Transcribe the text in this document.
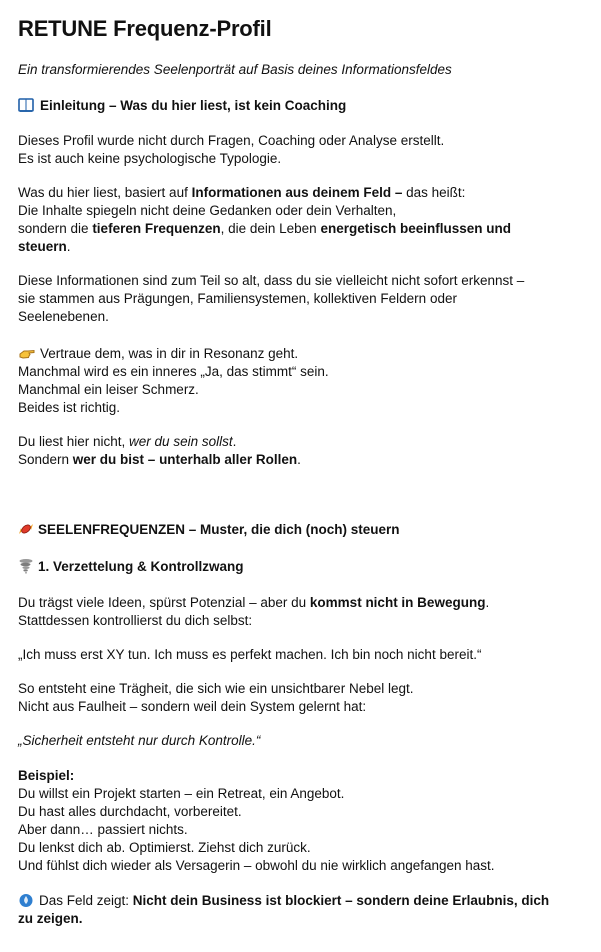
RETUNE Frequenz-Profil
Ein transformierendes Seelenporträt auf Basis deines Informationsfeldes
Einleitung – Was du hier liest, ist kein Coaching
Dieses Profil wurde nicht durch Fragen, Coaching oder Analyse erstellt.
Es ist auch keine psychologische Typologie.
Was du hier liest, basiert auf Informationen aus deinem Feld – das heißt:
Die Inhalte spiegeln nicht deine Gedanken oder dein Verhalten,
sondern die tieferen Frequenzen, die dein Leben energetisch beeinflussen und
steuern.
Diese Informationen sind zum Teil so alt, dass du sie vielleicht nicht sofort erkennst –
sie stammen aus Prägungen, Familiensystemen, kollektiven Feldern oder
Seelenebenen.
Vertraue dem, was in dir in Resonanz geht.
Manchmal wird es ein inneres „Ja, das stimmt“ sein.
Manchmal ein leiser Schmerz.
Beides ist richtig.
Du liest hier nicht, wer du sein sollst.
Sondern wer du bist – unterhalb aller Rollen.
SEELENFREQUENZEN – Muster, die dich (noch) steuern
1. Verzettelung & Kontrollzwang
Du trägst viele Ideen, spürst Potenzial – aber du kommst nicht in Bewegung.
Stattdessen kontrollierst du dich selbst:
„Ich muss erst XY tun. Ich muss es perfekt machen. Ich bin noch nicht bereit.“
So entsteht eine Trägheit, die sich wie ein unsichtbarer Nebel legt.
Nicht aus Faulheit – sondern weil dein System gelernt hat:
„Sicherheit entsteht nur durch Kontrolle.“
Beispiel:
Du willst ein Projekt starten – ein Retreat, ein Angebot.
Du hast alles durchdacht, vorbereitet.
Aber dann… passiert nichts.
Du lenkst dich ab. Optimierst. Ziehst dich zurück.
Und fühlst dich wieder als Versagerin – obwohl du nie wirklich angefangen hast.
Das Feld zeigt: Nicht dein Business ist blockiert – sondern deine Erlaubnis, dich
zu zeigen.
